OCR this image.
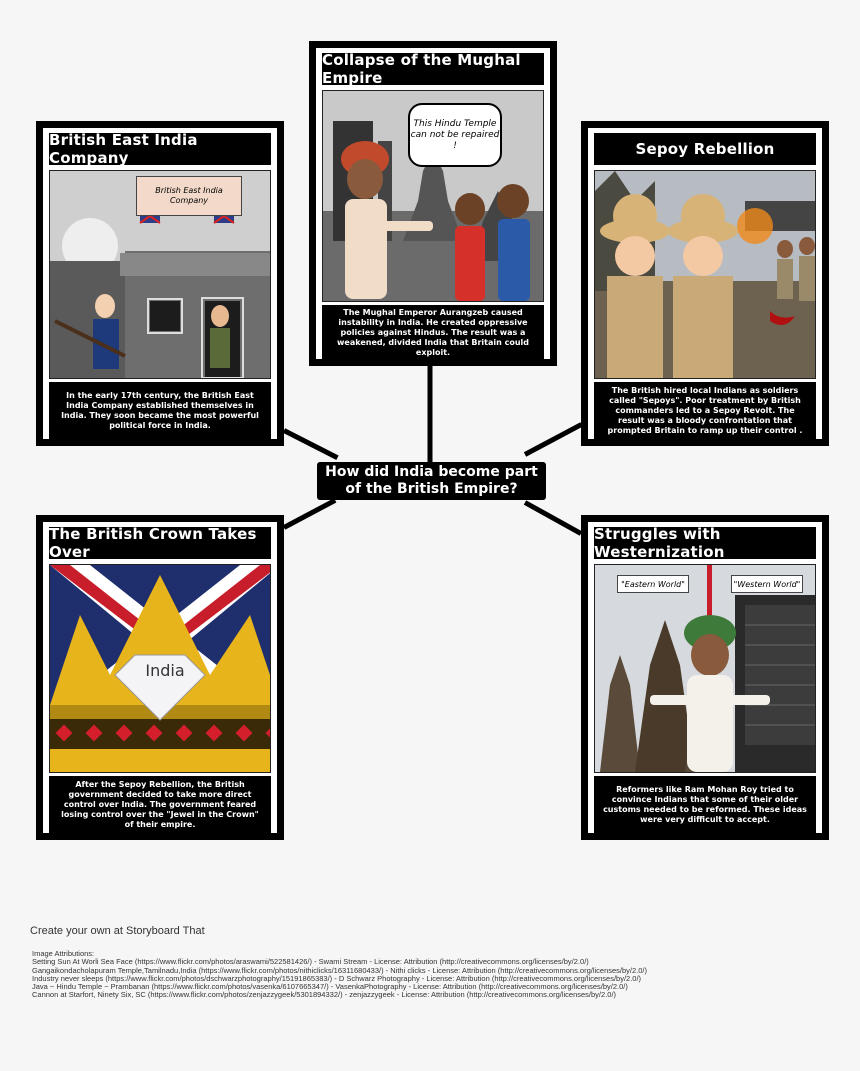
How did India become part of the British Empire?
Collapse of the Mughal Empire
This Hindu Temple can not be repaired !
The Mughal Emperor Aurangzeb caused instability in India. He created oppressive policies against Hindus. The result was a weakened, divided India that Britain could exploit.
British East India Company
British East India Company
In the early 17th century, the British East India Company established themselves in India. They soon became the most powerful political force in India.
Sepoy Rebellion
The British hired local Indians as soldiers called "Sepoys". Poor treatment by British commanders led to a Sepoy Revolt. The result was a bloody confrontation that prompted Britain to ramp up their control .
The British Crown Takes Over
India
After the Sepoy Rebellion, the British government decided to take more direct control over India. The government feared losing control over the "Jewel in the Crown" of their empire.
Struggles with Westernization
"Eastern World"	"Western World"
Reformers like Ram Mohan Roy tried to convince Indians that some of their older customs needed to be reformed. These ideas were very difficult to accept.
Create your own at Storyboard That
Image Attributions:
Setting Sun At Worli Sea Face (https://www.flickr.com/photos/araswami/522581426/) - Swami Stream - License: Attribution (http://creativecommons.org/licenses/by/2.0/)
Gangaikondacholapuram Temple,Tamilnadu,India (https://www.flickr.com/photos/nithiclicks/16311680433/) - Nithi clicks - License: Attribution (http://creativecommons.org/licenses/by/2.0/)
Industry never sleeps (https://www.flickr.com/photos/dschwarzphotography/15191865383/) - D Schwarz Photography - License: Attribution (http://creativecommons.org/licenses/by/2.0/)
Java ~ Hindu Temple ~ Prambanan (https://www.flickr.com/photos/vasenka/6107665347/) - VasenkaPhotography - License: Attribution (http://creativecommons.org/licenses/by/2.0/)
Cannon at Starfort, Ninety Six, SC (https://www.flickr.com/photos/zenjazzygeek/5301894332/) - zenjazzygeek - License: Attribution (http://creativecommons.org/licenses/by/2.0/)
